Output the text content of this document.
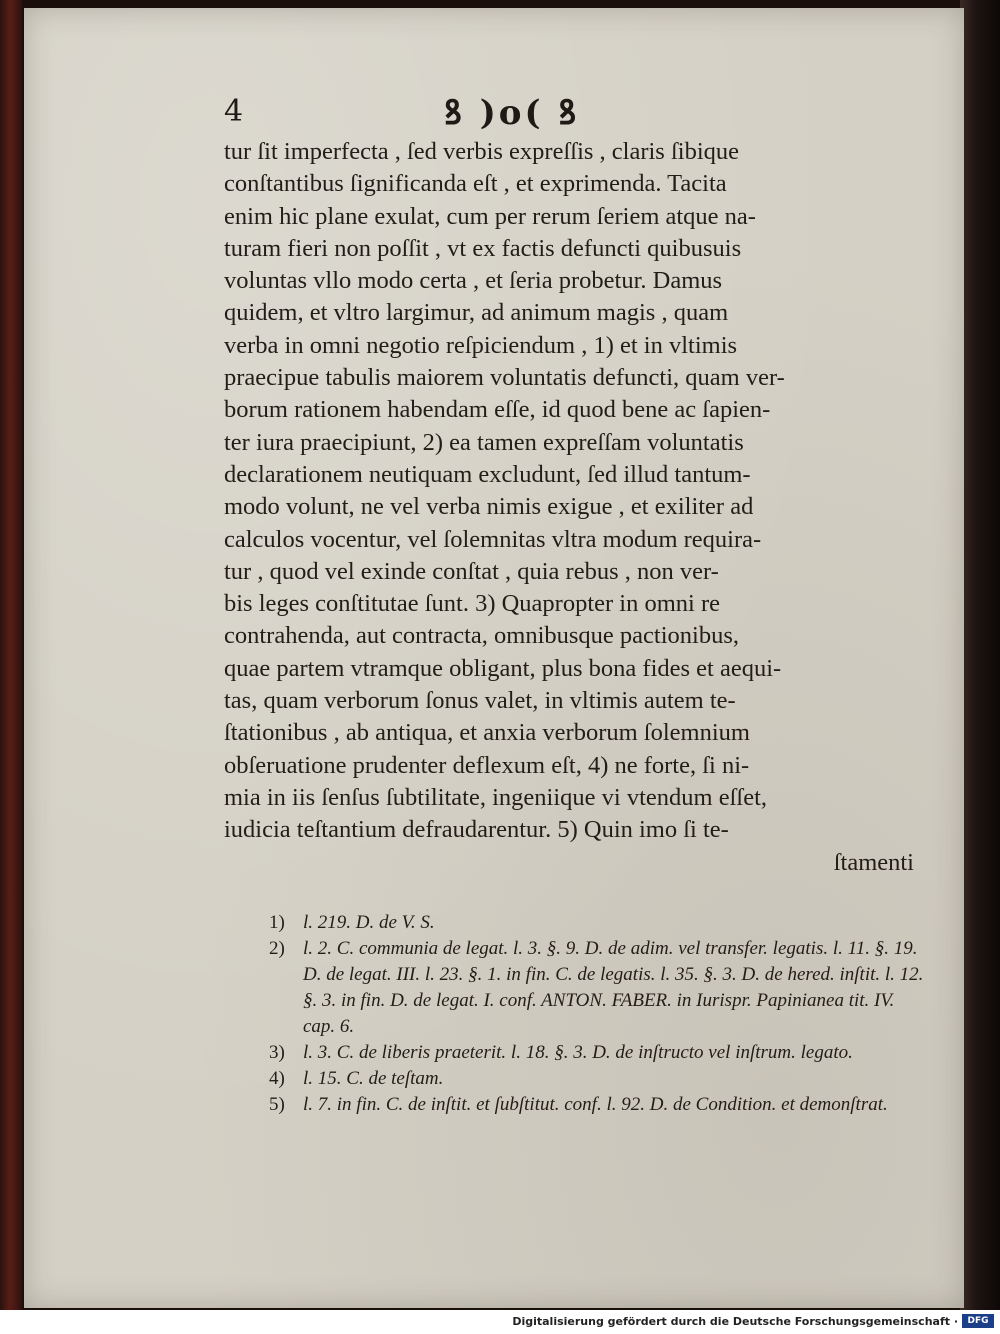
4	ꝸ )o( ꝸ
tur ſit imperfecta , ſed verbis expreſſis , claris ſibique
conſtantibus ſignificanda eſt , et exprimenda. Tacita
enim hic plane exulat, cum per rerum ſeriem atque na-
turam fieri non poſſit , vt ex factis defuncti quibusuis
voluntas vllo modo certa , et ſeria probetur. Damus
quidem, et vltro largimur, ad animum magis , quam
verba in omni negotio reſpiciendum , 1) et in vltimis
praecipue tabulis maiorem voluntatis defuncti, quam ver-
borum rationem habendam eſſe, id quod bene ac ſapien-
ter iura praecipiunt, 2) ea tamen expreſſam voluntatis
declarationem neutiquam excludunt, ſed illud tantum-
modo volunt, ne vel verba nimis exigue , et exiliter ad
calculos vocentur, vel ſolemnitas vltra modum requira-
tur , quod vel exinde conſtat , quia rebus , non ver-
bis leges conſtitutae ſunt. 3) Quapropter in omni re
contrahenda, aut contracta, omnibusque pactionibus,
quae partem vtramque obligant, plus bona fides et aequi-
tas, quam verborum ſonus valet, in vltimis autem te-
ſtationibus , ab antiqua, et anxia verborum ſolemnium
obſeruatione prudenter deflexum eſt, 4) ne forte, ſi ni-
mia in iis ſenſus ſubtilitate, ingeniique vi vtendum eſſet,
iudicia teſtantium defraudarentur. 5) Quin imo ſi te-
ſtamenti
1) l. 219. D. de V. S.
2) l. 2. C. communia de legat. l. 3. §. 9. D. de adim. vel transfer. legatis. l. 11. §. 19. D. de legat. III. l. 23. §. 1. in fin. C. de legatis. l. 35. §. 3. D. de hered. inſtit. l. 12. §. 3. in fin. D. de legat. I. conf. ANTON. FABER. in Iurispr. Papinianea tit. IV. cap. 6.
3) l. 3. C. de liberis praeterit. l. 18. §. 3. D. de inſtructo vel inſtrum. legato.
4) l. 15. C. de teſtam.
5) l. 7. in fin. C. de inſtit. et ſubſtitut. conf. l. 92. D. de Condition. et demonſtrat.
Digitalisierung gefördert durch die Deutsche Forschungsgemeinschaft ·	DFG
